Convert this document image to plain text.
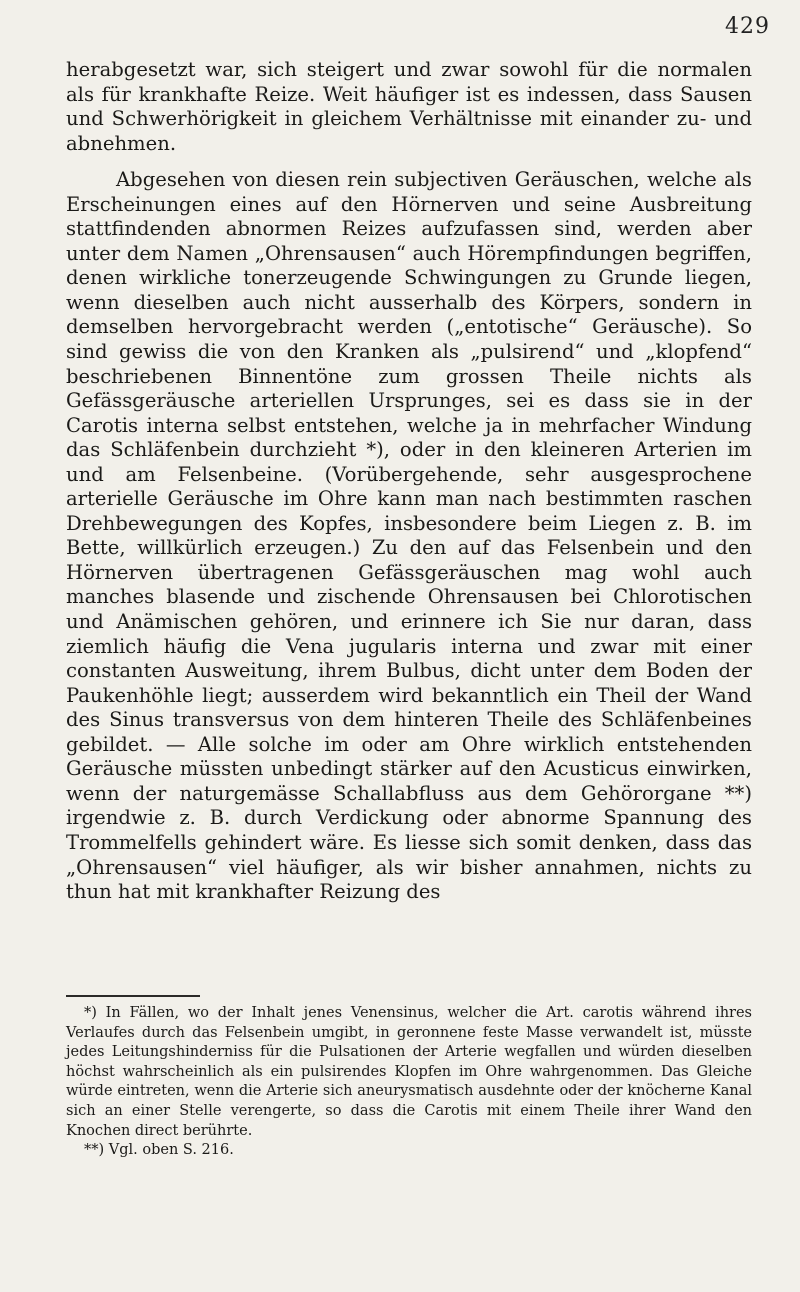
429

herabgesetzt war, sich steigert und zwar sowohl für die normalen als für krankhafte Reize. Weit häufiger ist es indessen, dass Sausen und Schwerhörigkeit in gleichem Verhältnisse mit einander zu- und abnehmen.

Abgesehen von diesen rein subjectiven Geräuschen, welche als Erscheinungen eines auf den Hörnerven und seine Ausbreitung stattfindenden abnormen Reizes aufzufassen sind, werden aber unter dem Namen „Ohrensausen“ auch Hörempfindungen begriffen, denen wirkliche tonerzeugende Schwingungen zu Grunde liegen, wenn dieselben auch nicht ausserhalb des Körpers, sondern in demselben hervorgebracht werden („entotische“ Geräusche). So sind gewiss die von den Kranken als „pulsirend“ und „klopfend“ beschriebenen Binnentöne zum grossen Theile nichts als Gefässgeräusche arteriellen Ursprunges, sei es dass sie in der Carotis interna selbst entstehen, welche ja in mehrfacher Windung das Schläfenbein durchzieht *), oder in den kleineren Arterien im und am Felsenbeine. (Vorübergehende, sehr ausgesprochene arterielle Geräusche im Ohre kann man nach bestimmten raschen Drehbewegungen des Kopfes, insbesondere beim Liegen z. B. im Bette, willkürlich erzeugen.) Zu den auf das Felsenbein und den Hörnerven übertragenen Gefässgeräuschen mag wohl auch manches blasende und zischende Ohrensausen bei Chlorotischen und Anämischen gehören, und erinnere ich Sie nur daran, dass ziemlich häufig die Vena jugularis interna und zwar mit einer constanten Ausweitung, ihrem Bulbus, dicht unter dem Boden der Paukenhöhle liegt; ausserdem wird bekanntlich ein Theil der Wand des Sinus transversus von dem hinteren Theile des Schläfenbeines gebildet. — Alle solche im oder am Ohre wirklich entstehenden Geräusche müssten unbedingt stärker auf den Acusticus einwirken, wenn der naturgemässe Schallabfluss aus dem Gehörorgane **) irgendwie z. B. durch Verdickung oder abnorme Spannung des Trommelfells gehindert wäre. Es liesse sich somit denken, dass das „Ohrensausen“ viel häufiger, als wir bisher annahmen, nichts zu thun hat mit krankhafter Reizung des

*) In Fällen, wo der Inhalt jenes Venensinus, welcher die Art. carotis während ihres Verlaufes durch das Felsenbein umgibt, in geronnene feste Masse verwandelt ist, müsste jedes Leitungshinderniss für die Pulsationen der Arterie wegfallen und würden dieselben höchst wahrscheinlich als ein pulsirendes Klopfen im Ohre wahrgenommen. Das Gleiche würde eintreten, wenn die Arterie sich aneurysmatisch ausdehnte oder der knöcherne Kanal sich an einer Stelle verengerte, so dass die Carotis mit einem Theile ihrer Wand den Knochen direct berührte.

**) Vgl. oben S. 216.
